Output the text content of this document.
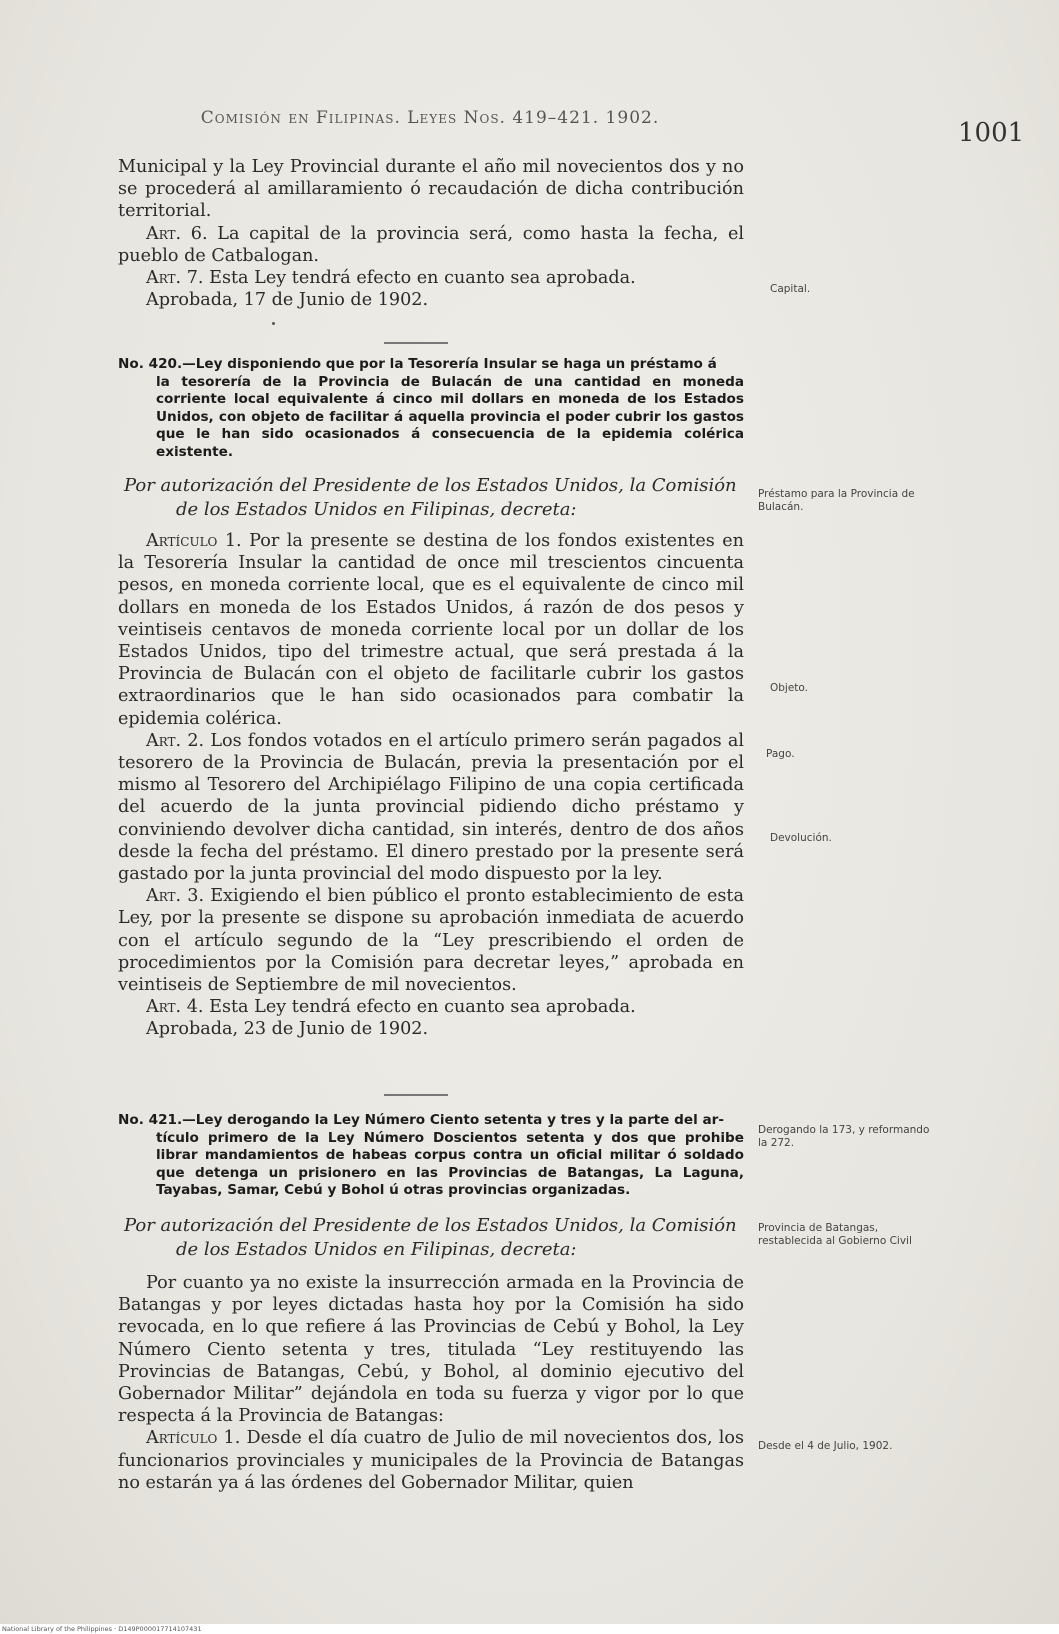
Comisión en Filipinas. Leyes Nos. 419–421. 1902.	1001

Municipal y la Ley Provincial durante el año mil novecientos dos y no se procederá al amillaramiento ó recaudación de dicha contribución territorial.

Art. 6. La capital de la provincia será, como hasta la fecha, el pueblo de Catbalogan.

Art. 7. Esta Ley tendrá efecto en cuanto sea aprobada.

Aprobada, 17 de Junio de 1902.

No. 420.—Ley disponiendo que por la Tesorería Insular se haga un préstamo á
la tesorería de la Provincia de Bulacán de una cantidad en moneda corriente local equivalente á cinco mil dollars en moneda de los Estados Unidos, con objeto de facilitar á aquella provincia el poder cubrir los gastos que le han sido ocasionados á consecuencia de la epidemia colérica existente.
Por autorización del Presidente de los Estados Unidos, la Comisión
de los Estados Unidos en Filipinas, decreta:

Artículo 1. Por la presente se destina de los fondos existentes en la Tesorería Insular la cantidad de once mil trescientos cincuenta pesos, en moneda corriente local, que es el equivalente de cinco mil dollars en moneda de los Estados Unidos, á razón de dos pesos y veintiseis centavos de moneda corriente local por un dollar de los Estados Unidos, tipo del trimestre actual, que será prestada á la Provincia de Bulacán con el objeto de facilitarle cubrir los gastos extraordinarios que le han sido ocasionados para combatir la epidemia colérica.

Art. 2. Los fondos votados en el artículo primero serán pagados al tesorero de la Provincia de Bulacán, previa la presentación por el mismo al Tesorero del Archipiélago Filipino de una copia certificada del acuerdo de la junta provincial pidiendo dicho préstamo y conviniendo devolver dicha cantidad, sin interés, dentro de dos años desde la fecha del préstamo. El dinero prestado por la presente será gastado por la junta provincial del modo dispuesto por la ley.

Art. 3. Exigiendo el bien público el pronto establecimiento de esta Ley, por la presente se dispone su aprobación inmediata de acuerdo con el artículo segundo de la “Ley prescribiendo el orden de procedimientos por la Comisión para decretar leyes,” aprobada en veintiseis de Septiembre de mil novecientos.

Art. 4. Esta Ley tendrá efecto en cuanto sea aprobada.

Aprobada, 23 de Junio de 1902.

No. 421.—Ley derogando la Ley Número Ciento setenta y tres y la parte del ar-
tículo primero de la Ley Número Doscientos setenta y dos que prohibe librar mandamientos de habeas corpus contra un oficial militar ó soldado que detenga un prisionero en las Provincias de Batangas, La Laguna, Tayabas, Samar, Cebú y Bohol ú otras provincias organizadas.
Por autorización del Presidente de los Estados Unidos, la Comisión
de los Estados Unidos en Filipinas, decreta:

Por cuanto ya no existe la insurrección armada en la Provincia de Batangas y por leyes dictadas hasta hoy por la Comisión ha sido revocada, en lo que refiere á las Provincias de Cebú y Bohol, la Ley Número Ciento setenta y tres, titulada “Ley restituyendo las Provincias de Batangas, Cebú, y Bohol, al dominio ejecutivo del Gobernador Militar” dejándola en toda su fuerza y vigor por lo que respecta á la Provincia de Batangas:

Artículo 1. Desde el día cuatro de Julio de mil novecientos dos, los funcionarios provinciales y municipales de la Provincia de Batangas no estarán ya á las órdenes del Gobernador Militar, quien

Capital.
Préstamo para la Provincia de Bulacán.
Objeto.
Pago.
Devolución.
Derogando la 173, y reformando la 272.
Provincia de Batangas, restablecida al Gobierno Civil
Desde el 4 de Julio, 1902.
National Library of the Philippines · D149P000017714107431
